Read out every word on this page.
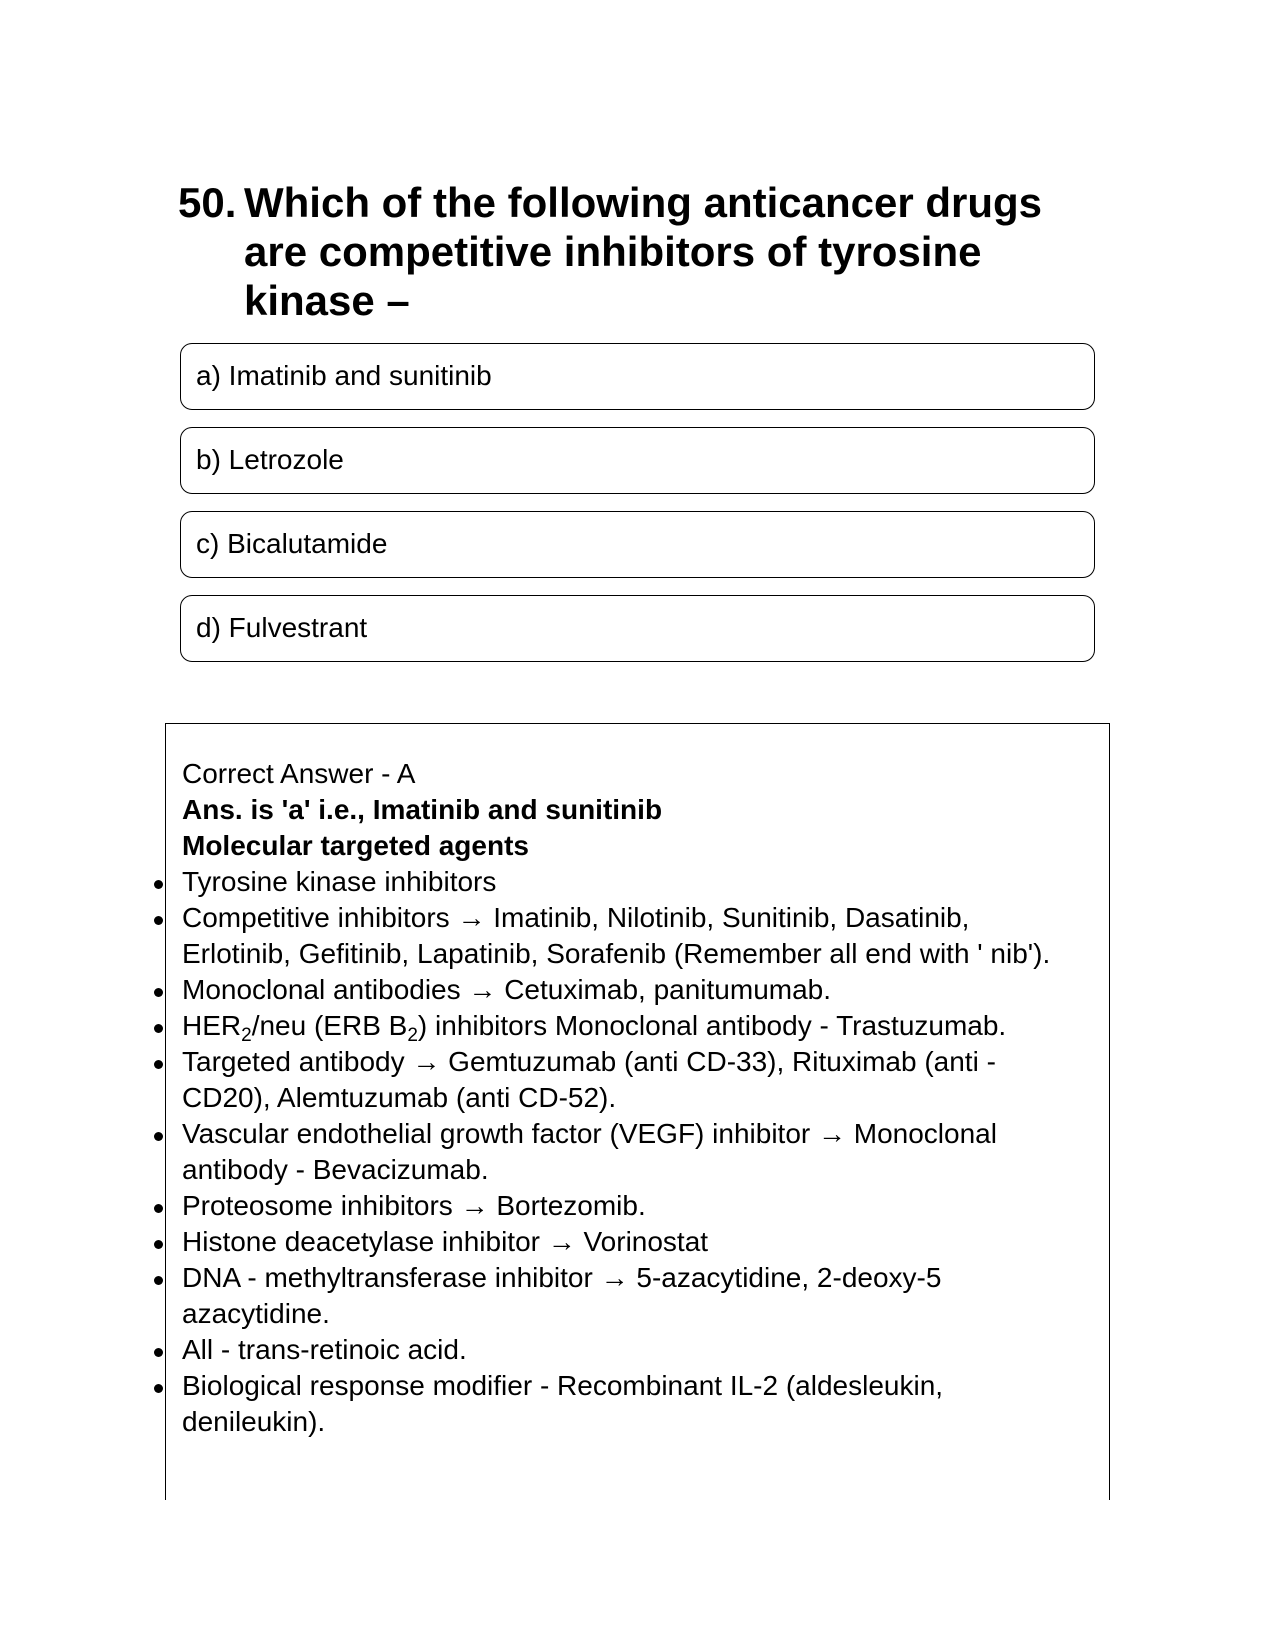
50. Which of the following anticancer drugs are competitive inhibitors of tyrosine kinase –
a) Imatinib and sunitinib
b) Letrozole
c) Bicalutamide
d) Fulvestrant
Correct Answer - A
Ans. is 'a' i.e., Imatinib and sunitinib
Molecular targeted agents
Tyrosine kinase inhibitors
Competitive inhibitors → Imatinib, Nilotinib, Sunitinib, Dasatinib, Erlotinib, Gefitinib, Lapatinib, Sorafenib (Remember all end with ' nib').
Monoclonal antibodies → Cetuximab, panitumumab.
$HER_2$/neu (ERB $B_2$) inhibitors Monoclonal antibody - Trastuzumab.
Targeted antibody → Gemtuzumab (anti CD-33), Rituximab (anti - CD20), Alemtuzumab (anti CD-52).
Vascular endothelial growth factor (VEGF) inhibitor → Monoclonal antibody - Bevacizumab.
Proteosome inhibitors → Bortezomib.
Histone deacetylase inhibitor → Vorinostat
DNA - methyltransferase inhibitor → 5-azacytidine, 2-deoxy-5 azacytidine.
All - trans-retinoic acid.
Biological response modifier - Recombinant IL-2 (aldesleukin, denileukin).
